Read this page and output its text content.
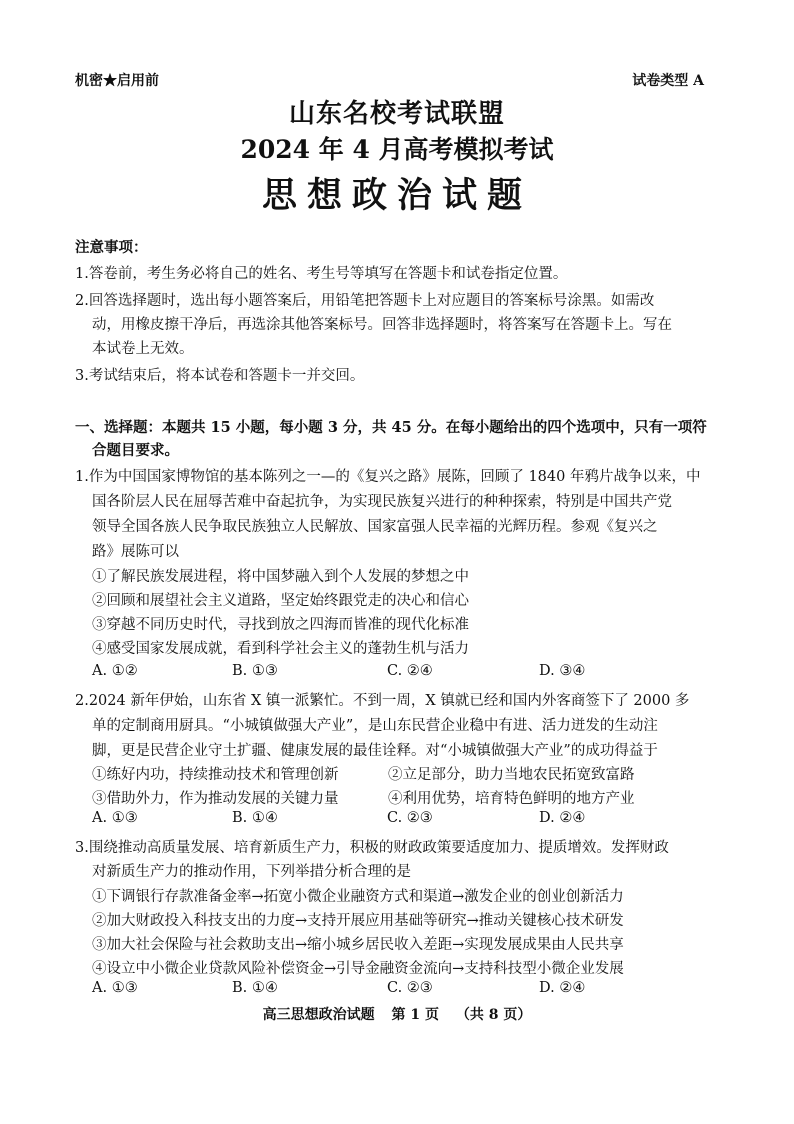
机密★启用前	试卷类型 A
山东名校考试联盟
2024 年 4 月高考模拟考试
思想政治试题
注意事项：
1.答卷前，考生务必将自己的姓名、考生号等填写在答题卡和试卷指定位置。
2.回答选择题时，选出每小题答案后，用铅笔把答题卡上对应题目的答案标号涂黑。如需改
动，用橡皮擦干净后，再选涂其他答案标号。回答非选择题时，将答案写在答题卡上。写在
本试卷上无效。
3.考试结束后，将本试卷和答题卡一并交回。
一、选择题：本题共 15 小题，每小题 3 分，共 45 分。在每小题给出的四个选项中，只有一项符
合题目要求。
1.作为中国国家博物馆的基本陈列之一—的《复兴之路》展陈，回顾了 1840 年鸦片战争以来，中
国各阶层人民在屈辱苦难中奋起抗争，为实现民族复兴进行的种种探索，特别是中国共产党
领导全国各族人民争取民族独立人民解放、国家富强人民幸福的光辉历程。参观《复兴之
路》展陈可以
①了解民族发展进程，将中国梦融入到个人发展的梦想之中
②回顾和展望社会主义道路，坚定始终跟党走的决心和信心
③穿越不同历史时代，寻找到放之四海而皆准的现代化标准
④感受国家发展成就，看到科学社会主义的蓬勃生机与活力
A. ①②	B. ①③	C. ②④	D. ③④
2.2024 新年伊始，山东省 X 镇一派繁忙。不到一周，X 镇就已经和国内外客商签下了 2000 多
单的定制商用厨具。“小城镇做强大产业”，是山东民营企业稳中有进、活力迸发的生动注
脚，更是民营企业守土扩疆、健康发展的最佳诠释。对“小城镇做强大产业”的成功得益于
①练好内功，持续推动技术和管理创新	②立足部分，助力当地农民拓宽致富路
③借助外力，作为推动发展的关键力量	④利用优势，培育特色鲜明的地方产业
A. ①③	B. ①④	C. ②③	D. ②④
3.围绕推动高质量发展、培育新质生产力，积极的财政政策要适度加力、提质增效。发挥财政
对新质生产力的推动作用，下列举措分析合理的是
①下调银行存款准备金率→拓宽小微企业融资方式和渠道→激发企业的创业创新活力
②加大财政投入科技支出的力度→支持开展应用基础等研究→推动关键核心技术研发
③加大社会保险与社会救助支出→缩小城乡居民收入差距→实现发展成果由人民共享
④设立中小微企业贷款风险补偿资金→引导金融资金流向→支持科技型小微企业发展
A. ①③	B. ①④	C. ②③	D. ②④
高三思想政治试题 第 1 页 （共 8 页）
